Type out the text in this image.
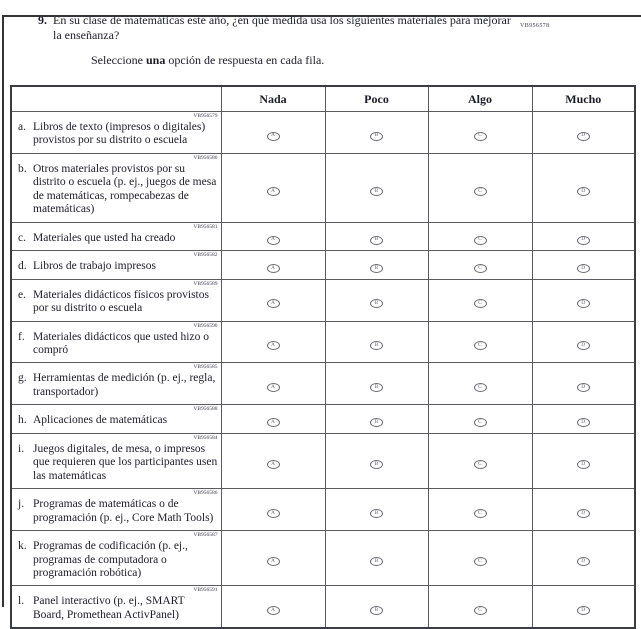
VB956578
9. En su clase de matemáticas este año, ¿en qué medida usa los siguientes materiales para mejorar la enseñanza?
Seleccione una opción de respuesta en cada fila.
	Nada	Poco	Algo	Mucho

VB956579
a. Libros de texto (impresos o digitales) provistos por su distrito o escuela	A	B	C	D

VB956580
b. Otros materiales provistos por su distrito o escuela (p. ej., juegos de mesa de matemáticas, rompecabezas de matemáticas)	A	B	C	D

VB956581
c. Materiales que usted ha creado	A	B	C	D

VB956582
d. Libros de trabajo impresos	A	B	C	D

VB956589
e. Materiales didácticos físicos provistos por su distrito o escuela	A	B	C	D

VB956590
f. Materiales didácticos que usted hizo o compró	A	B	C	D

VB956585
g. Herramientas de medición (p. ej., regla, transportador)	A	B	C	D

VB956588
h. Aplicaciones de matemáticas	A	B	C	D

VB956584
i. Juegos digitales, de mesa, o impresos que requieren que los participantes usen las matemáticas	A	B	C	D

VB956586
j. Programas de matemáticas o de programación (p. ej., Core Math Tools)	A	B	C	D

VB956587
k. Programas de codificación (p. ej., programas de computadora o programación robótica)	A	B	C	D

VB956591
l. Panel interactivo (p. ej., SMART Board, Promethean ActivPanel)	A	B	C	D
